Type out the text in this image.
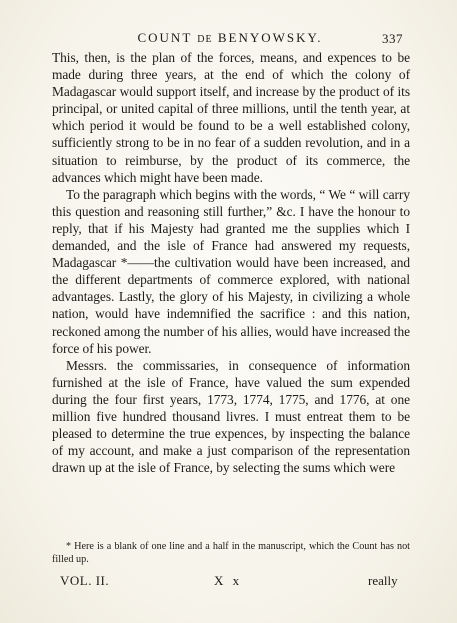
COUNT DE BENYOWSKY.	337

This, then, is the plan of the forces, means, and expences to be made during three years, at the end of which the colony of Madagascar would support itself, and increase by the product of its principal, or united capital of three millions, until the tenth year, at which period it would be found to be a well established colony, sufficiently strong to be in no fear of a sudden revolution, and in a situation to reimburse, by the product of its commerce, the advances which might have been made.

To the paragraph which begins with the words, “ We “ will carry this question and reasoning still further,” &c. I have the honour to reply, that if his Majesty had granted me the supplies which I demanded, and the isle of France had answered my requests, Madagascar *——the cultivation would have been increased, and the different departments of commerce explored, with national advantages. Lastly, the glory of his Majesty, in civilizing a whole nation, would have indemnified the sacrifice : and this nation, reckoned among the number of his allies, would have increased the force of his power.

Messrs. the commissaries, in consequence of information furnished at the isle of France, have valued the sum expended during the four first years, 1773, 1774, 1775, and 1776, at one million five hundred thousand livres. I must entreat them to be pleased to determine the true expences, by inspecting the balance of my account, and make a just comparison of the representation drawn up at the isle of France, by selecting the sums which were

* Here is a blank of one line and a half in the manuscript, which the Count has not filled up.
VOL. II.	X x	really
